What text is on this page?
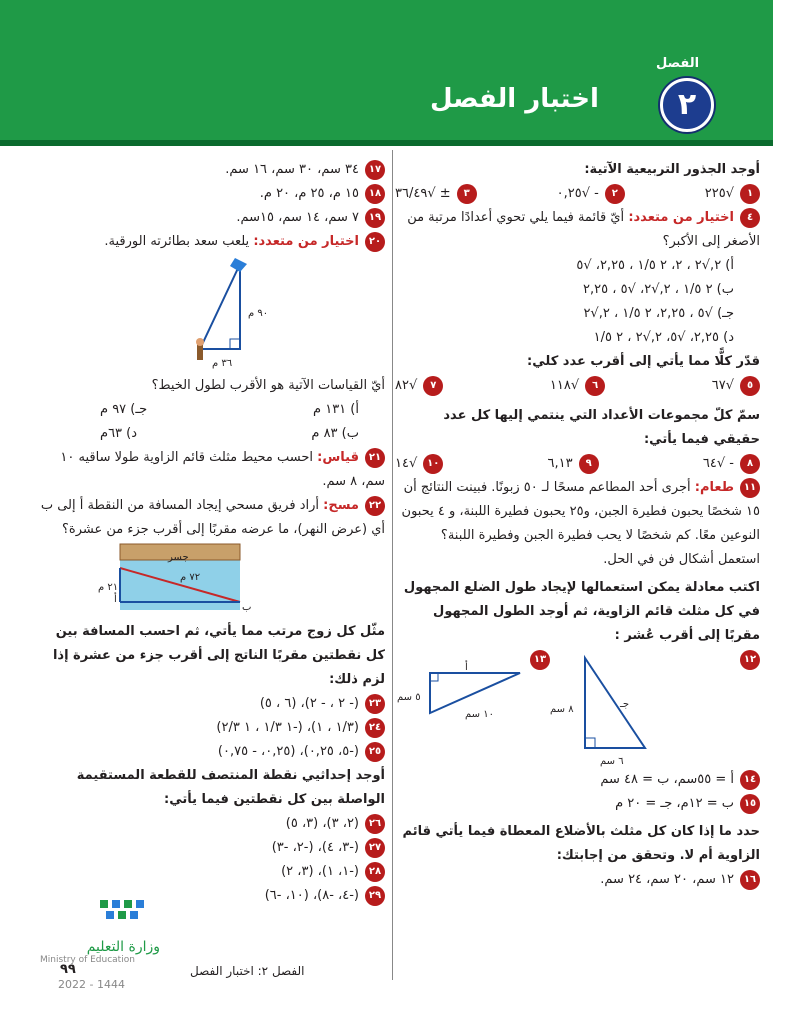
الفصل
٢
اختبار الفصل
أوجد الجذور التربيعية الآتية:
١√٢٢٥
٢- √٠,٢٥
٣± √٣٦/٤٩
٤اختيار من متعدد: أيّ قائمة فيما يلي تحوي أعدادًا مرتبة من الأصغر إلى الأكبر؟
أ) ٢,√٢ ، ٢، ٢ ١/٥ ، ٢,٢٥، √٥
ب) ٢ ١/٥ ، ٢,√٢، √٥ ، ٢,٢٥
جـ) √٥ ، ٢,٢٥، ٢ ١/٥ ، ٢,√٢
د) ٢,٢٥، √٥، ٢,√٢ ، ٢ ١/٥
قدّر كلًّا مما يأتي إلى أقرب عدد كلي:
٥√٦٧
٦√١١٨
٧√٨٢
سمّ كلّ مجموعات الأعداد التي ينتمي إليها كل عدد حقيقي فيما يأتي:
٨- √٦٤
٩٦,١٣
١٠√١٤
١١طعام: أجرى أحد المطاعم مسحًا لـ ٥٠ زبونًا. فبينت النتائج أن ١٥ شخصًا يحبون فطيرة الجبن، و٢٥ يحبون فطيرة اللبنة، و ٤ يحبون النوعين معًا. كم شخصًا لا يحب فطيرة الجبن وفطيرة اللبنة؟ استعمل أشكال فن في الحل.
اكتب معادلة يمكن استعمالها لإيجاد طول الضلع المجهول في كل مثلث قائم الزاوية، ثم أوجد الطول المجهول مقربًا إلى أقرب عُشر :
١٢
١٣
٨ سم
٦ سم
جـ
٥ سم
١٠ سم
أ
١٤أ = ٥٥سم، ب = ٤٨ سم
١٥ب = ١٢م، جـ = ٢٠ م
حدد ما إذا كان كل مثلث بالأضلاع المعطاة فيما يأتي قائم الزاوية أم لا. وتحقق من إجابتك:
١٦١٢ سم، ٢٠ سم، ٢٤ سم.
١٧٣٤ سم، ٣٠ سم، ١٦ سم.
١٨١٥ م، ٢٥ م، ٢٠ م.
١٩٧ سم، ١٤ سم، ١٥سم.
٢٠اختيار من متعدد: يلعب سعد بطائرته الورقية.
٩٠ م
٣٦ م
أيّ القياسات الآتية هو الأقرب لطول الخيط؟
أ) ١٣١ م
جـ) ٩٧ م
ب) ٨٣ م
د) ٦٣م
٢١قياس: احسب محيط مثلث قائم الزاوية طولا ساقيه ١٠ سم، ٨ سم.
٢٢مسح: أراد فريق مسحي إيجاد المسافة من النقطة أ إلى ب أي (عرض النهر)، ما عرضه مقربًا إلى أقرب جزء من عشرة؟
جسر
٧٢ م
٢١ م
أ
ب
مثّل كل زوج مرتب مما يأتي، ثم احسب المسافة بين كل نقطتين مقربًا الناتج إلى أقرب جزء من عشرة إذا لزم ذلك:
٢٣(- ٢ ، - ٢)، (٦ ، ٥)
٢٤(١/٣ ، ١)، (-١ ١/٣ ، ١ ٢/٣)
٢٥(-٥، ٠,٢٥)، (٠,٢٥، - ٠,٧٥)
أوجد إحداثيي نقطة المنتصف للقطعة المستقيمة الواصلة بين كل نقطتين فيما يأتي:
٢٦(٢، ٣)، (٣، ٥)
٢٧(-٣، ٤)، (-٢، -٣)
٢٨(-١، ١)، (٣، ٢)
٢٩(-٤، -٨)، (١٠، -٦)
وزارة التعليم
Ministry of Education
٩٩
2022 - 1444
الفصل ٢: اختبار الفصل
